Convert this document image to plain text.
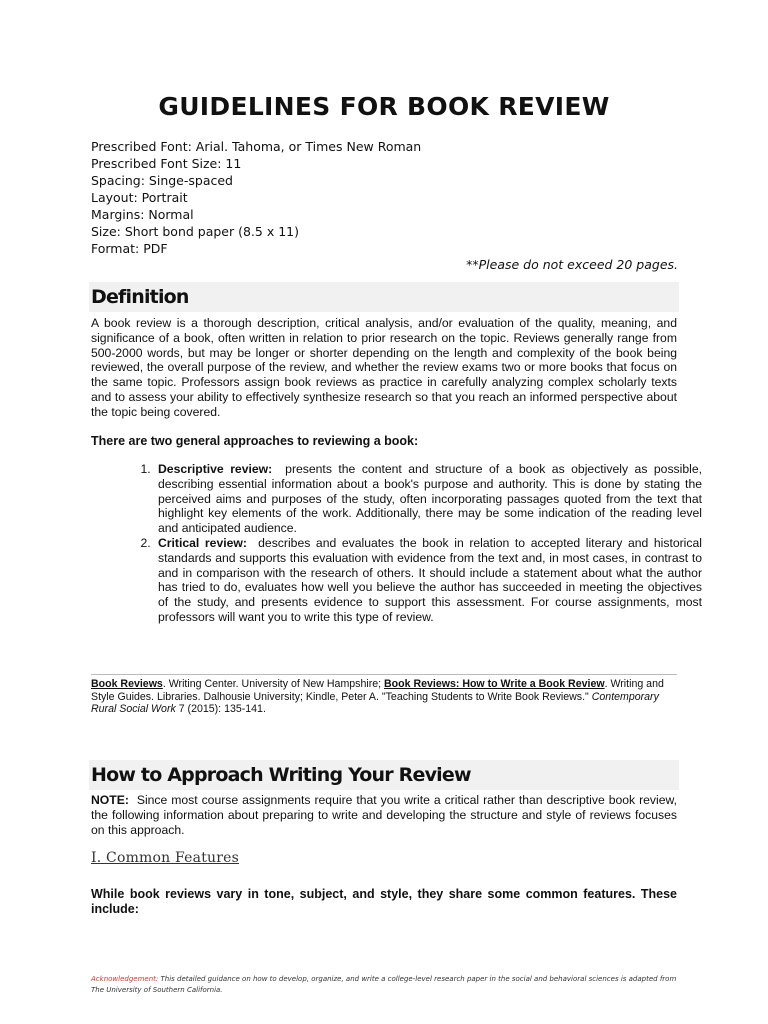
GUIDELINES FOR BOOK REVIEW
Prescribed Font: Arial. Tahoma, or Times New Roman
Prescribed Font Size: 11
Spacing: Singe-spaced
Layout: Portrait
Margins: Normal
Size: Short bond paper (8.5 x 11)
Format: PDF
**Please do not exceed 20 pages.
Definition
A book review is a thorough description, critical analysis, and/or evaluation of the quality, meaning, and significance of a book, often written in relation to prior research on the topic. Reviews generally range from 500-2000 words, but may be longer or shorter depending on the length and complexity of the book being reviewed, the overall purpose of the review, and whether the review exams two or more books that focus on the same topic. Professors assign book reviews as practice in carefully analyzing complex scholarly texts and to assess your ability to effectively synthesize research so that you reach an informed perspective about the topic being covered.
There are two general approaches to reviewing a book:
1. Descriptive review: presents the content and structure of a book as objectively as possible, describing essential information about a book's purpose and authority. This is done by stating the perceived aims and purposes of the study, often incorporating passages quoted from the text that highlight key elements of the work. Additionally, there may be some indication of the reading level and anticipated audience.
2. Critical review: describes and evaluates the book in relation to accepted literary and historical standards and supports this evaluation with evidence from the text and, in most cases, in contrast to and in comparison with the research of others. It should include a statement about what the author has tried to do, evaluates how well you believe the author has succeeded in meeting the objectives of the study, and presents evidence to support this assessment. For course assignments, most professors will want you to write this type of review.
Book Reviews. Writing Center. University of New Hampshire; Book Reviews: How to Write a Book Review. Writing and Style Guides. Libraries. Dalhousie University; Kindle, Peter A. "Teaching Students to Write Book Reviews." Contemporary Rural Social Work 7 (2015): 135-141.
How to Approach Writing Your Review
NOTE: Since most course assignments require that you write a critical rather than descriptive book review, the following information about preparing to write and developing the structure and style of reviews focuses on this approach.
I. Common Features
While book reviews vary in tone, subject, and style, they share some common features. These include:
Acknowledgement: This detailed guidance on how to develop, organize, and write a college-level research paper in the social and behavioral sciences is adapted from The University of Southern California.
